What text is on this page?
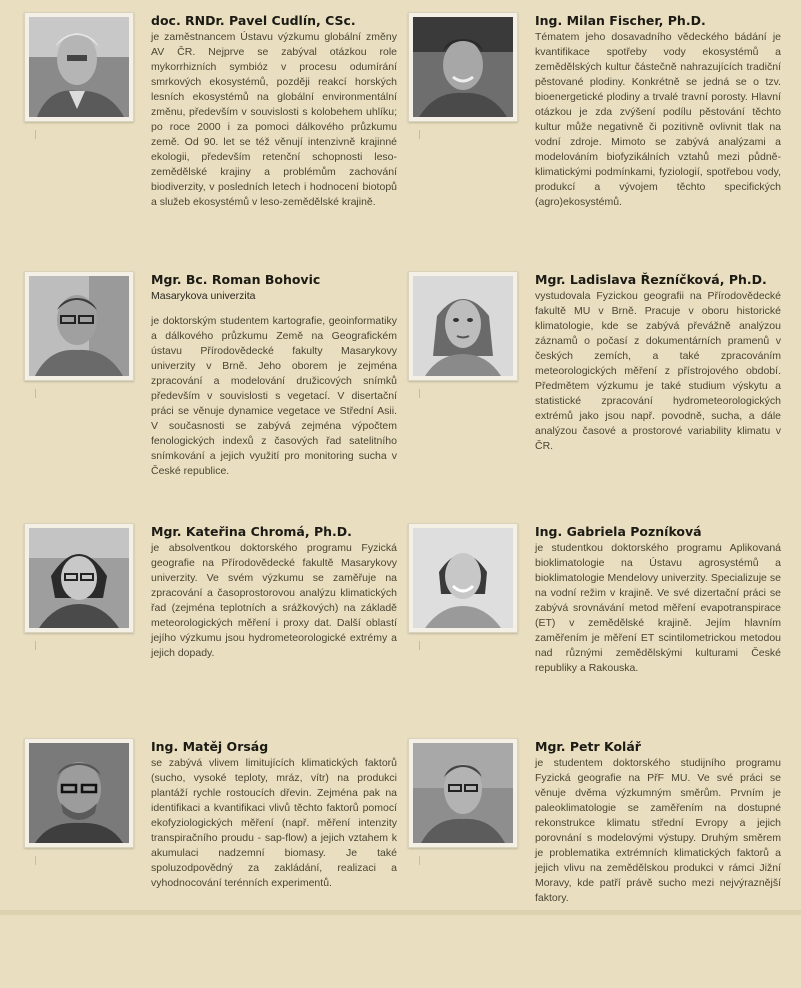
doc. RNDr. Pavel Cudlín, CSc.

je zaměstnancem Ústavu výzkumu globální změny AV ČR. Nejprve se zabýval otázkou role mykorrhizních symbióz v procesu odumírání smrkových ekosystémů, později reakcí horských lesních ekosystémů na globální environmentální změnu, především v souvislosti s kolobehem uhlíku; po roce 2000 i za pomoci dálkového průzkumu země. Od 90. let se též věnují intenzivně krajinné ekologii, především retenční schopnosti leso-zemědělské krajiny a problémům zachování biodiverzity, v posledních letech i hodnocení biotopů a služeb ekosystémů v leso-zemědělské krajině.

Ing. Milan Fischer, Ph.D.

Tématem jeho dosavadního vědeckého bádání je kvantifikace spotřeby vody ekosystémů a zemědělských kultur částečně nahrazujících tradiční pěstované plodiny. Konkrétně se jedná se o tzv. bioenergetické plodiny a trvalé travní porosty. Hlavní otázkou je zda zvýšení podílu pěstování těchto kultur může negativně či pozitivně ovlivnit tlak na vodní zdroje. Mimoto se zabývá analýzami a modelováním biofyzikálních vztahů mezi půdně-klimatickými podmínkami, fyziologií, spotřebou vody, produkcí a vývojem těchto specifických (agro)ekosystémů.

Mgr. Bc. Roman Bohovic
Masarykova univerzita

je doktorským studentem kartografie, geoinformatiky a dálkového průzkumu Země na Geografickém ústavu Přírodovědecké fakulty Masarykovy univerzity v Brně. Jeho oborem je zejména zpracování a modelování družicových snímků především v souvislosti s vegetací. V disertační práci se věnuje dynamice vegetace ve Střední Asii. V současnosti se zabývá zejména výpočtem fenologických indexů z časových řad satelitního snímkování a jejich využití pro monitoring sucha v České republice.

Mgr. Ladislava Řezníčková, Ph.D.

vystudovala Fyzickou geografii na Přírodovědecké fakultě MU v Brně. Pracuje v oboru historické klimatologie, kde se zabývá převážně analýzou záznamů o počasí z dokumentárních pramenů v českých zemích, a také zpracováním meteorologických měření z přístrojového období. Předmětem výzkumu je také studium výskytu a statistické zpracování hydrometeorologických extrémů jako jsou např. povodně, sucha, a dále analýzou časové a prostorové variability klimatu v ČR.

Mgr. Kateřina Chromá, Ph.D.

je absolventkou doktorského programu Fyzická geografie na Přírodovědecké fakultě Masarykovy univerzity. Ve svém výzkumu se zaměřuje na zpracování a časoprostorovou analýzu klimatických řad (zejména teplotních a srážkových) na základě meteorologických měření i proxy dat. Další oblastí jejího výzkumu jsou hydrometeorologické extrémy a jejich dopady.

Ing. Gabriela Pozníková

je studentkou doktorského programu Aplikovaná bioklimatologie na Ústavu agrosystémů a bioklimatologie Mendelovy univerzity. Specializuje se na vodní režim v krajině. Ve své dizertační práci se zabývá srovnávání metod měření evapotranspirace (ET) v zemědělské krajině. Jejím hlavním zaměřením je měření ET scintilometrickou metodou nad různými zemědělskými kulturami České republiky a Rakouska.

Ing. Matěj Orság

se zabývá vlivem limitujících klimatických faktorů (sucho, vysoké teploty, mráz, vítr) na produkci plantáží rychle rostoucích dřevin. Zejména pak na identifikaci a kvantifikaci vlivů těchto faktorů pomocí ekofyziologických měření (např. měření intenzity transpiračního proudu - sap-flow) a jejich vztahem k akumulaci nadzemní biomasy. Je také spoluzodpovědný za zakládání, realizaci a vyhodnocování terénních experimentů.

Mgr. Petr Kolář

je studentem doktorského studijního programu Fyzická geografie na PřF MU. Ve své práci se věnuje dvěma výzkumným směrům. Prvním je paleoklimatologie se zaměřením na dostupné rekonstrukce klimatu střední Evropy a jejich porovnání s modelovými výstupy. Druhým směrem je problematika extrémních klimatických faktorů a jejich vlivu na zemědělskou produkci v rámci Jižní Moravy, kde patří právě sucho mezi nejvýraznější faktory.
